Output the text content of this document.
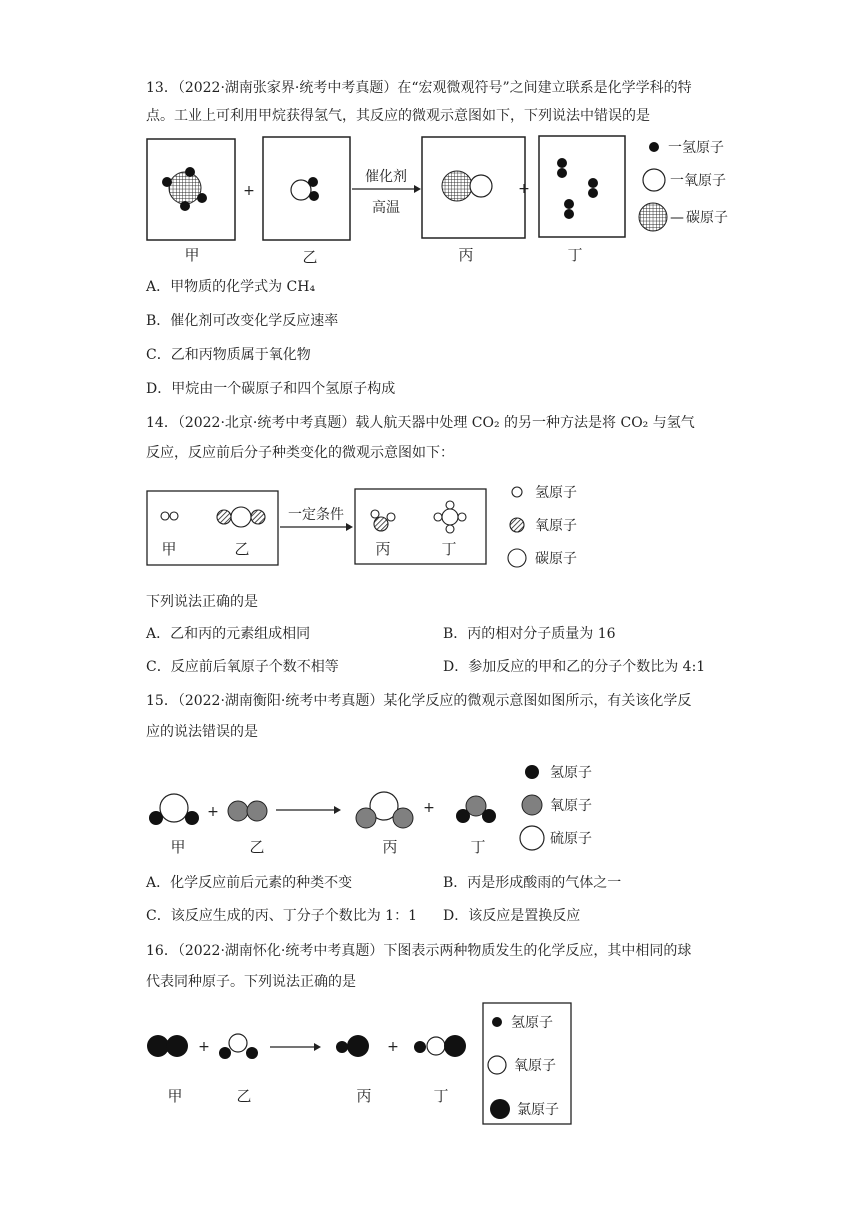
13．（2022·湖南张家界·统考中考真题）在“宏观微观符号”之间建立联系是化学学科的特
点。工业上可利用甲烷获得氢气，其反应的微观示意图如下，下列说法中错误的是
甲
+
乙
催化剂
高温
丙
+
丁
一氢原子
一氧原子
— 碳原子
A．甲物质的化学式为 CH₄
B．催化剂可改变化学反应速率
C．乙和丙物质属于氧化物
D．甲烷由一个碳原子和四个氢原子构成
14．（2022·北京·统考中考真题）载人航天器中处理 CO₂ 的另一种方法是将 CO₂ 与氢气
反应，反应前后分子种类变化的微观示意图如下：
甲	乙
一定条件
丙	丁
氢原子
氧原子
碳原子
下列说法正确的是
A．乙和丙的元素组成相同	B．丙的相对分子质量为 16
C．反应前后氧原子个数不相等	D．参加反应的甲和乙的分子个数比为 4:1
15．（2022·湖南衡阳·统考中考真题）某化学反应的微观示意图如图所示，有关该化学反
应的说法错误的是
甲
+
乙	丙
+
丁
氢原子
氧原子
硫原子
A．化学反应前后元素的种类不变	B．丙是形成酸雨的气体之一
C．该反应生成的丙、丁分子个数比为 1：1 D．该反应是置换反应
16．（2022·湖南怀化·统考中考真题）下图表示两种物质发生的化学反应，其中相同的球
代表同种原子。下列说法正确的是
甲
+
乙	丙
+
丁
氢原子
氧原子
氯原子
